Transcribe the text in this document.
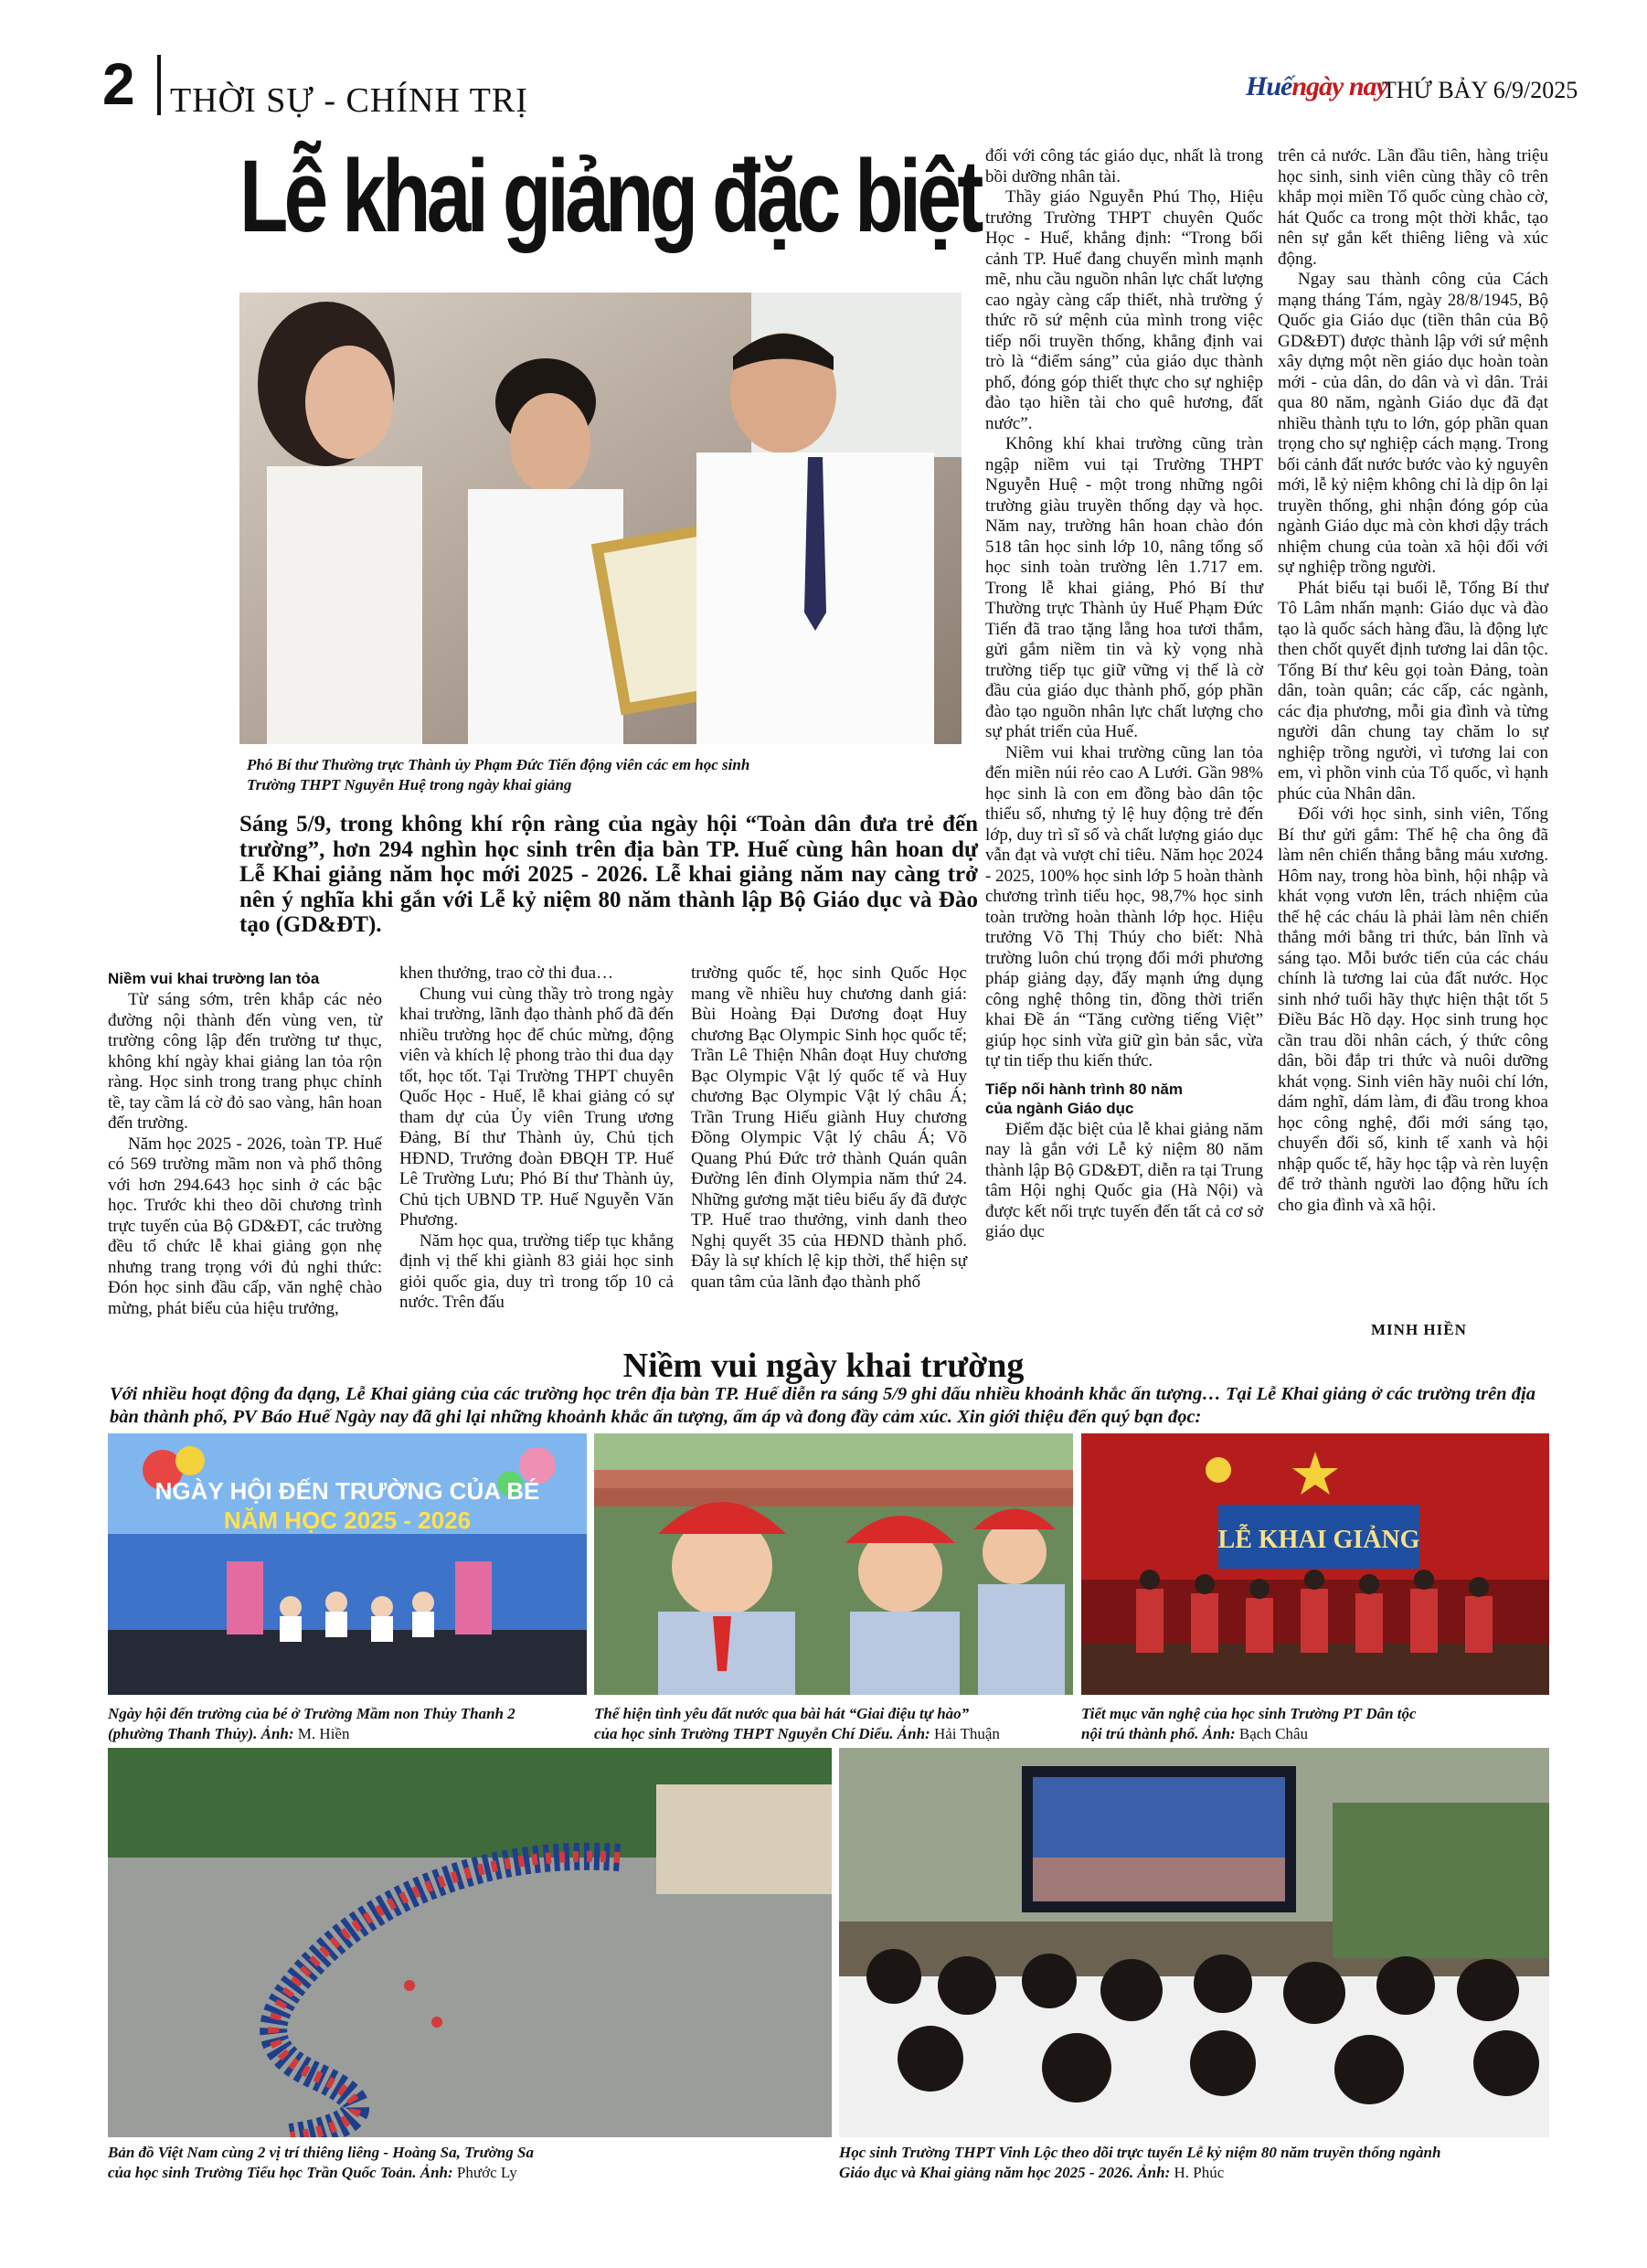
2 THỜI SỰ - CHÍNH TRỊ	Huếngày nay
THỨ BẢY 6/9/2025
Lễ khai giảng đặc biệt
Phó Bí thư Thường trực Thành ủy Phạm Đức Tiến động viên các em học sinh
Trường THPT Nguyễn Huệ trong ngày khai giảng
Sáng 5/9, trong không khí rộn ràng của ngày hội “Toàn dân đưa trẻ đến trường”, hơn 294 nghìn học sinh trên địa bàn TP. Huế cùng hân hoan dự Lễ Khai giảng năm học mới 2025 - 2026. Lễ khai giảng năm nay càng trở nên ý nghĩa khi gắn với Lễ kỷ niệm 80 năm thành lập Bộ Giáo dục và Đào tạo (GD&ĐT).

Niềm vui khai trường lan tỏa

Từ sáng sớm, trên khắp các nẻo đường nội thành đến vùng ven, từ trường công lập đến trường tư thục, không khí ngày khai giảng lan tỏa rộn ràng. Học sinh trong trang phục chỉnh tề, tay cầm lá cờ đỏ sao vàng, hân hoan đến trường.

Năm học 2025 - 2026, toàn TP. Huế có 569 trường mầm non và phổ thông với hơn 294.643 học sinh ở các bậc học. Trước khi theo dõi chương trình trực tuyến của Bộ GD&ĐT, các trường đều tổ chức lễ khai giảng gọn nhẹ nhưng trang trọng với đủ nghi thức: Đón học sinh đầu cấp, văn nghệ chào mừng, phát biểu của hiệu trưởng,

khen thưởng, trao cờ thi đua…

Chung vui cùng thầy trò trong ngày khai trường, lãnh đạo thành phố đã đến nhiều trường học để chúc mừng, động viên và khích lệ phong trào thi đua dạy tốt, học tốt. Tại Trường THPT chuyên Quốc Học - Huế, lễ khai giảng có sự tham dự của Ủy viên Trung ương Đảng, Bí thư Thành ủy, Chủ tịch HĐND, Trưởng đoàn ĐBQH TP. Huế Lê Trường Lưu; Phó Bí thư Thành ủy, Chủ tịch UBND TP. Huế Nguyễn Văn Phương.

Năm học qua, trường tiếp tục khẳng định vị thế khi giành 83 giải học sinh giỏi quốc gia, duy trì trong tốp 10 cả nước. Trên đấu

trường quốc tế, học sinh Quốc Học mang về nhiều huy chương danh giá: Bùi Hoàng Đại Dương đoạt Huy chương Bạc Olympic Sinh học quốc tế; Trần Lê Thiện Nhân đoạt Huy chương Bạc Olympic Vật lý quốc tế và Huy chương Bạc Olympic Vật lý châu Á; Trần Trung Hiếu giành Huy chương Đồng Olympic Vật lý châu Á; Võ Quang Phú Đức trở thành Quán quân Đường lên đỉnh Olympia năm thứ 24. Những gương mặt tiêu biểu ấy đã được TP. Huế trao thưởng, vinh danh theo Nghị quyết 35 của HĐND thành phố. Đây là sự khích lệ kịp thời, thể hiện sự quan tâm của lãnh đạo thành phố

đối với công tác giáo dục, nhất là trong bồi dưỡng nhân tài.

Thầy giáo Nguyễn Phú Thọ, Hiệu trưởng Trường THPT chuyên Quốc Học - Huế, khẳng định: “Trong bối cảnh TP. Huế đang chuyển mình mạnh mẽ, nhu cầu nguồn nhân lực chất lượng cao ngày càng cấp thiết, nhà trường ý thức rõ sứ mệnh của mình trong việc tiếp nối truyền thống, khẳng định vai trò là “điểm sáng” của giáo dục thành phố, đóng góp thiết thực cho sự nghiệp đào tạo hiền tài cho quê hương, đất nước”.

Không khí khai trường cũng tràn ngập niềm vui tại Trường THPT Nguyễn Huệ - một trong những ngôi trường giàu truyền thống dạy và học. Năm nay, trường hân hoan chào đón 518 tân học sinh lớp 10, nâng tổng số học sinh toàn trường lên 1.717 em. Trong lễ khai giảng, Phó Bí thư Thường trực Thành ủy Huế Phạm Đức Tiến đã trao tặng lẵng hoa tươi thắm, gửi gắm niềm tin và kỳ vọng nhà trường tiếp tục giữ vững vị thế là cờ đầu của giáo dục thành phố, góp phần đào tạo nguồn nhân lực chất lượng cho sự phát triển của Huế.

Niềm vui khai trường cũng lan tỏa đến miền núi rẻo cao A Lưới. Gần 98% học sinh là con em đồng bào dân tộc thiểu số, nhưng tỷ lệ huy động trẻ đến lớp, duy trì sĩ số và chất lượng giáo dục vẫn đạt và vượt chỉ tiêu. Năm học 2024 - 2025, 100% học sinh lớp 5 hoàn thành chương trình tiểu học, 98,7% học sinh toàn trường hoàn thành lớp học. Hiệu trưởng Võ Thị Thúy cho biết: Nhà trường luôn chú trọng đổi mới phương pháp giảng dạy, đẩy mạnh ứng dụng công nghệ thông tin, đồng thời triển khai Đề án “Tăng cường tiếng Việt” giúp học sinh vừa giữ gìn bản sắc, vừa tự tin tiếp thu kiến thức.

Tiếp nối hành trình 80 năm

của ngành Giáo dục

Điểm đặc biệt của lễ khai giảng năm nay là gắn với Lễ kỷ niệm 80 năm thành lập Bộ GD&ĐT, diễn ra tại Trung tâm Hội nghị Quốc gia (Hà Nội) và được kết nối trực tuyến đến tất cả cơ sở giáo dục

trên cả nước. Lần đầu tiên, hàng triệu học sinh, sinh viên cùng thầy cô trên khắp mọi miền Tổ quốc cùng chào cờ, hát Quốc ca trong một thời khắc, tạo nên sự gắn kết thiêng liêng và xúc động.

Ngay sau thành công của Cách mạng tháng Tám, ngày 28/8/1945, Bộ Quốc gia Giáo dục (tiền thân của Bộ GD&ĐT) được thành lập với sứ mệnh xây dựng một nền giáo dục hoàn toàn mới - của dân, do dân và vì dân. Trải qua 80 năm, ngành Giáo dục đã đạt nhiều thành tựu to lớn, góp phần quan trọng cho sự nghiệp cách mạng. Trong bối cảnh đất nước bước vào kỷ nguyên mới, lễ kỷ niệm không chỉ là dịp ôn lại truyền thống, ghi nhận đóng góp của ngành Giáo dục mà còn khơi dậy trách nhiệm chung của toàn xã hội đối với sự nghiệp trồng người.

Phát biểu tại buổi lễ, Tổng Bí thư Tô Lâm nhấn mạnh: Giáo dục và đào tạo là quốc sách hàng đầu, là động lực then chốt quyết định tương lai dân tộc. Tổng Bí thư kêu gọi toàn Đảng, toàn dân, toàn quân; các cấp, các ngành, các địa phương, mỗi gia đình và từng người dân chung tay chăm lo sự nghiệp trồng người, vì tương lai con em, vì phồn vinh của Tổ quốc, vì hạnh phúc của Nhân dân.

Đối với học sinh, sinh viên, Tổng Bí thư gửi gắm: Thế hệ cha ông đã làm nên chiến thắng bằng máu xương. Hôm nay, trong hòa bình, hội nhập và khát vọng vươn lên, trách nhiệm của thế hệ các cháu là phải làm nên chiến thắng mới bằng tri thức, bản lĩnh và sáng tạo. Mỗi bước tiến của các cháu chính là tương lai của đất nước. Học sinh nhớ tuổi hãy thực hiện thật tốt 5 Điều Bác Hồ dạy. Học sinh trung học cần trau dồi nhân cách, ý thức công dân, bồi đắp tri thức và nuôi dưỡng khát vọng. Sinh viên hãy nuôi chí lớn, dám nghĩ, dám làm, đi đầu trong khoa học công nghệ, đổi mới sáng tạo, chuyển đổi số, kinh tế xanh và hội nhập quốc tế, hãy học tập và rèn luyện để trở thành người lao động hữu ích cho gia đình và xã hội.

MINH HIỀN
Niềm vui ngày khai trường
Với nhiều hoạt động đa dạng, Lễ Khai giảng của các trường học trên địa bàn TP. Huế diễn ra sáng 5/9 ghi dấu nhiều khoảnh khắc ấn tượng… Tại Lễ Khai giảng ở các trường trên địa bàn thành phố, PV Báo Huế Ngày nay đã ghi lại những khoảnh khắc ấn tượng, ấm áp và đong đầy cảm xúc. Xin giới thiệu đến quý bạn đọc:
NGÀY HỘI ĐẾN TRƯỜNG CỦA BÉ
NĂM HỌC 2025 - 2026
Ngày hội đến trường của bé ở Trường Mầm non Thủy Thanh 2
(phường Thanh Thủy). Ảnh: M. Hiền
Thể hiện tình yêu đất nước qua bài hát “Giai điệu tự hào”
của học sinh Trường THPT Nguyễn Chí Diểu. Ảnh: Hải Thuận
LỄ KHAI GIẢNG
Tiết mục văn nghệ của học sinh Trường PT Dân tộc
nội trú thành phố. Ảnh: Bạch Châu
Bản đồ Việt Nam cùng 2 vị trí thiêng liêng - Hoàng Sa, Trường Sa
của học sinh Trường Tiểu học Trần Quốc Toản. Ảnh: Phước Ly
Học sinh Trường THPT Vinh Lộc theo dõi trực tuyến Lễ kỷ niệm 80 năm truyền thống ngành
Giáo dục và Khai giảng năm học 2025 - 2026. Ảnh: H. Phúc
